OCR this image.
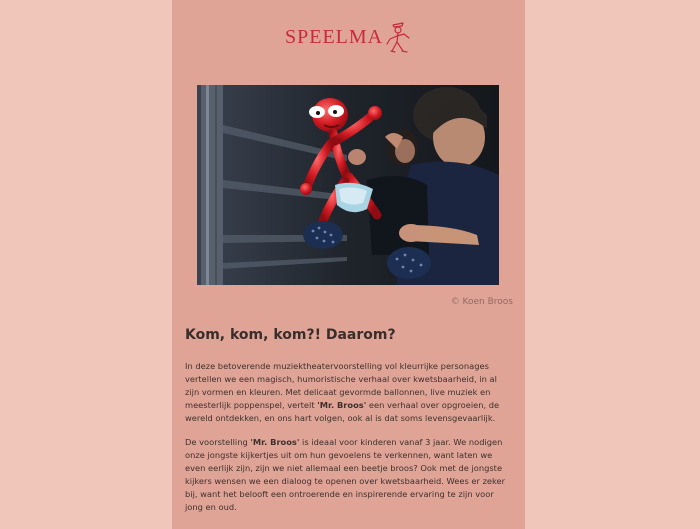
SPEELMA
© Koen Broos
Kom, kom, kom?! Daarom?

In deze betoverende muziektheatervoorstelling vol kleurrijke personages vertellen we een magisch, humoristische verhaal over kwetsbaarheid, in al zijn vormen en kleuren. Met delicaat gevormde ballonnen, live muziek en meesterlijk poppenspel, vertelt 'Mr. Broos' een verhaal over opgroeien, de wereld ontdekken, en ons hart volgen, ook al is dat soms levensgevaarlijk.

De voorstelling 'Mr. Broos' is ideaal voor kinderen vanaf 3 jaar. We nodigen onze jongste kijkertjes uit om hun gevoelens te verkennen, want laten we even eerlijk zijn, zijn we niet allemaal een beetje broos? Ook met de jongste kijkers wensen we een dialoog te openen over kwetsbaarheid. Wees er zeker bij, want het belooft een ontroerende en inspirerende ervaring te zijn voor jong en oud.
